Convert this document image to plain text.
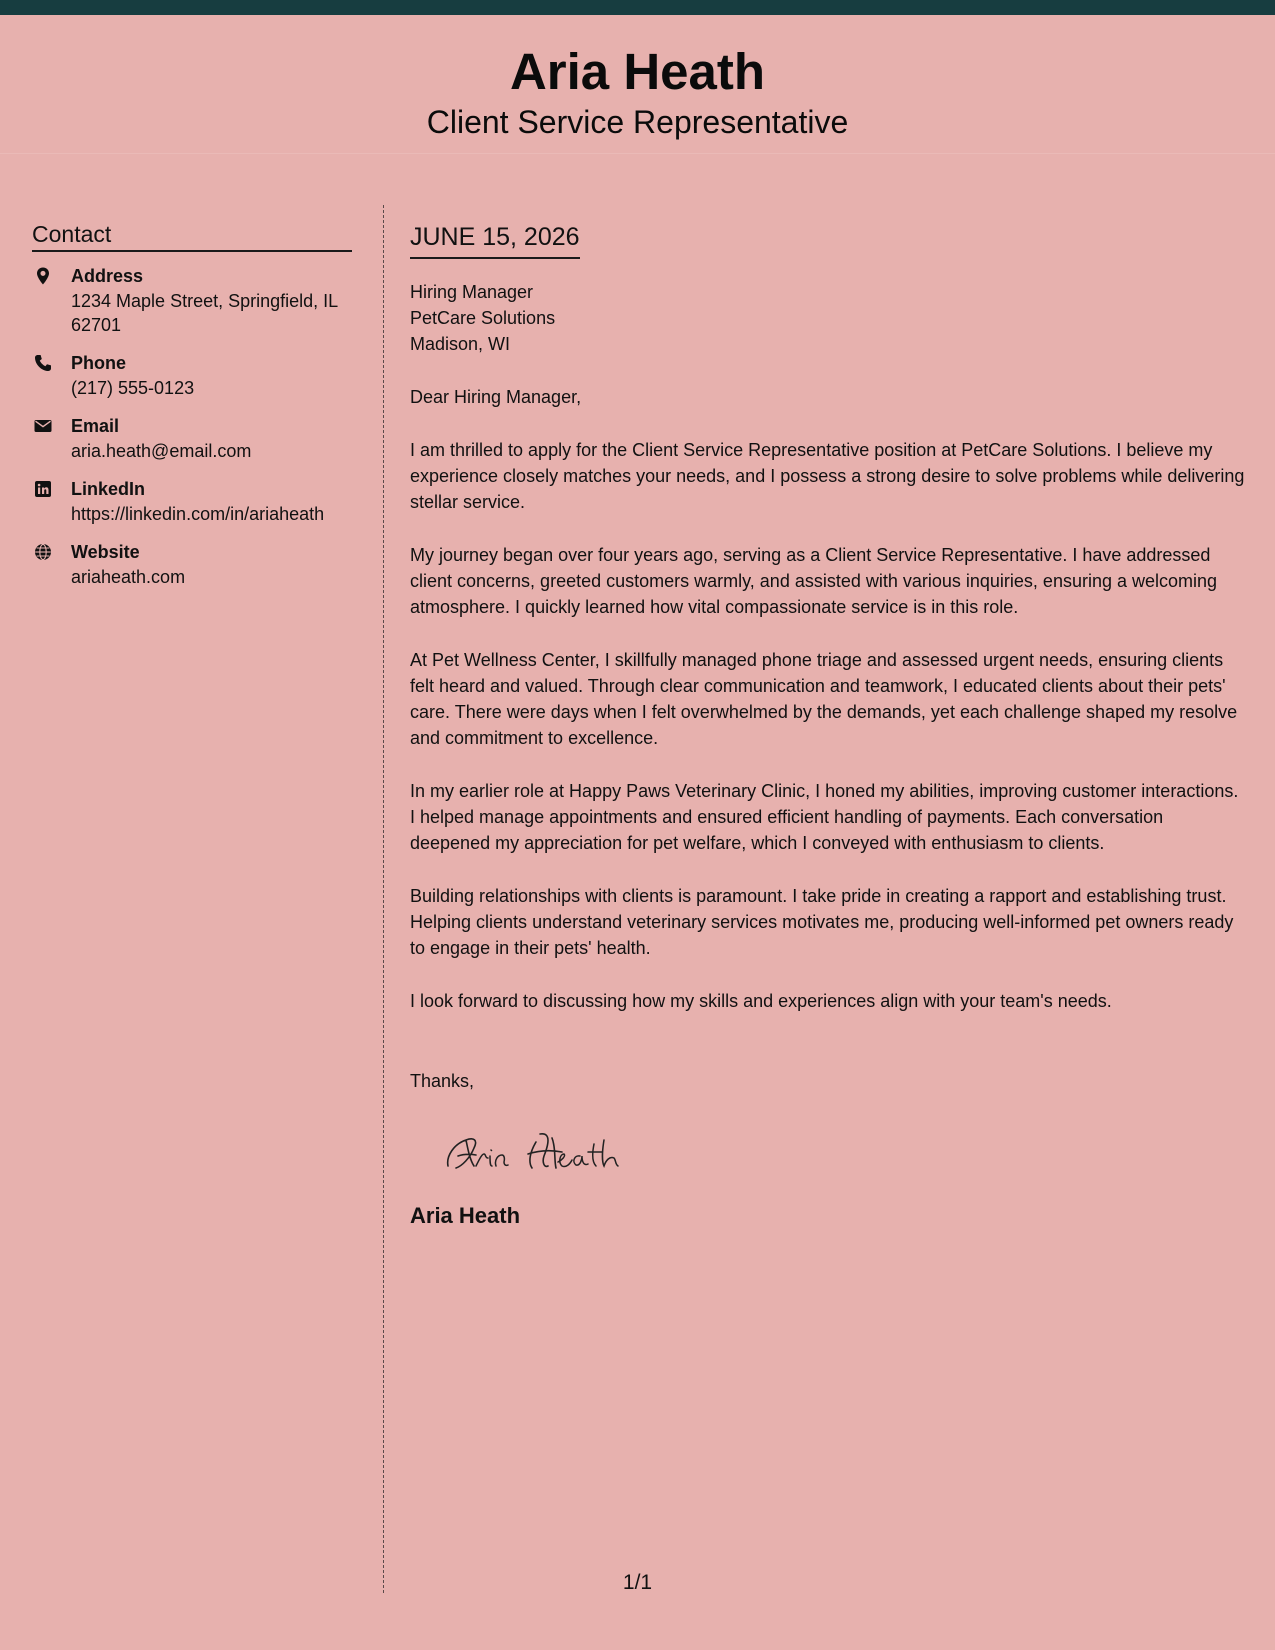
Aria Heath
Client Service Representative
Contact
Address
1234 Maple Street, Springfield, IL 62701
Phone
(217) 555-0123
Email
aria.heath@email.com
LinkedIn
https://linkedin.com/in/ariaheath
Website
ariaheath.com
JUNE 15, 2026
Hiring Manager
PetCare Solutions
Madison, WI
Dear Hiring Manager,

I am thrilled to apply for the Client Service Representative position at PetCare Solutions. I believe my experience closely matches your needs, and I possess a strong desire to solve problems while delivering stellar service.

My journey began over four years ago, serving as a Client Service Representative. I have addressed client concerns, greeted customers warmly, and assisted with various inquiries, ensuring a welcoming atmosphere. I quickly learned how vital compassionate service is in this role.

At Pet Wellness Center, I skillfully managed phone triage and assessed urgent needs, ensuring clients felt heard and valued. Through clear communication and teamwork, I educated clients about their pets' care. There were days when I felt overwhelmed by the demands, yet each challenge shaped my resolve and commitment to excellence.

In my earlier role at Happy Paws Veterinary Clinic, I honed my abilities, improving customer interactions. I helped manage appointments and ensured efficient handling of payments. Each conversation deepened my appreciation for pet welfare, which I conveyed with enthusiasm to clients.

Building relationships with clients is paramount. I take pride in creating a rapport and establishing trust. Helping clients understand veterinary services motivates me, producing well-informed pet owners ready to engage in their pets' health.

I look forward to discussing how my skills and experiences align with your team's needs.

Thanks,
Aria Heath
1/1
